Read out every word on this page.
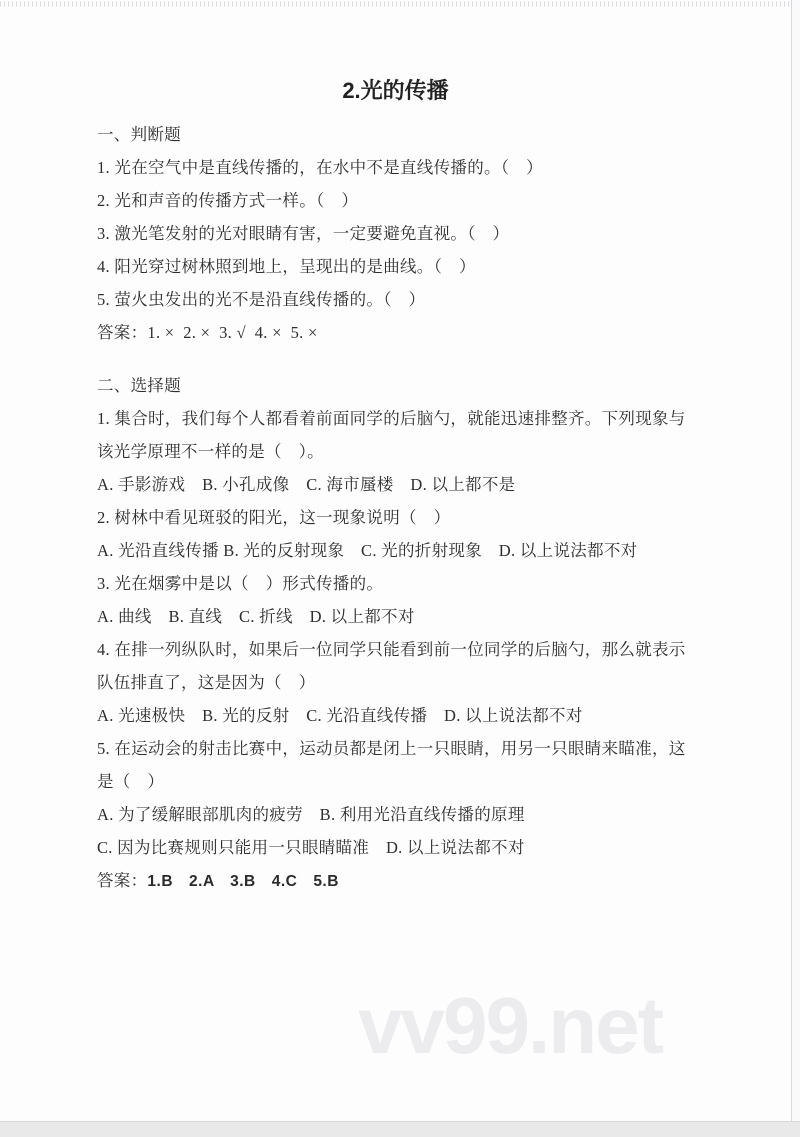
2.光的传播

一、判断题

1. 光在空气中是直线传播的，在水中不是直线传播的。（　）

2. 光和声音的传播方式一样。（　）

3. 激光笔发射的光对眼睛有害，一定要避免直视。（　）

4. 阳光穿过树林照到地上，呈现出的是曲线。（　）

5. 萤火虫发出的光不是沿直线传播的。（　）

答案：1. ×  2. ×  3. √  4. ×  5. ×

二、选择题

1. 集合时，我们每个人都看着前面同学的后脑勺，就能迅速排整齐。下列现象与

该光学原理不一样的是（　）。

A. 手影游戏　B. 小孔成像　C. 海市蜃楼　D. 以上都不是

2. 树林中看见斑驳的阳光，这一现象说明（　）

A. 光沿直线传播 B. 光的反射现象　C. 光的折射现象　D. 以上说法都不对

3. 光在烟雾中是以（　）形式传播的。

A. 曲线　B. 直线　C. 折线　D. 以上都不对

4. 在排一列纵队时，如果后一位同学只能看到前一位同学的后脑勺，那么就表示

队伍排直了，这是因为（　）

A. 光速极快　B. 光的反射　C. 光沿直线传播　D. 以上说法都不对

5. 在运动会的射击比赛中，运动员都是闭上一只眼睛，用另一只眼睛来瞄准，这

是（　）

A. 为了缓解眼部肌肉的疲劳　B. 利用光沿直线传播的原理

C. 因为比赛规则只能用一只眼睛瞄准　D. 以上说法都不对

答案：1.B　2.A　3.B　4.C　5.B

vv99.net
